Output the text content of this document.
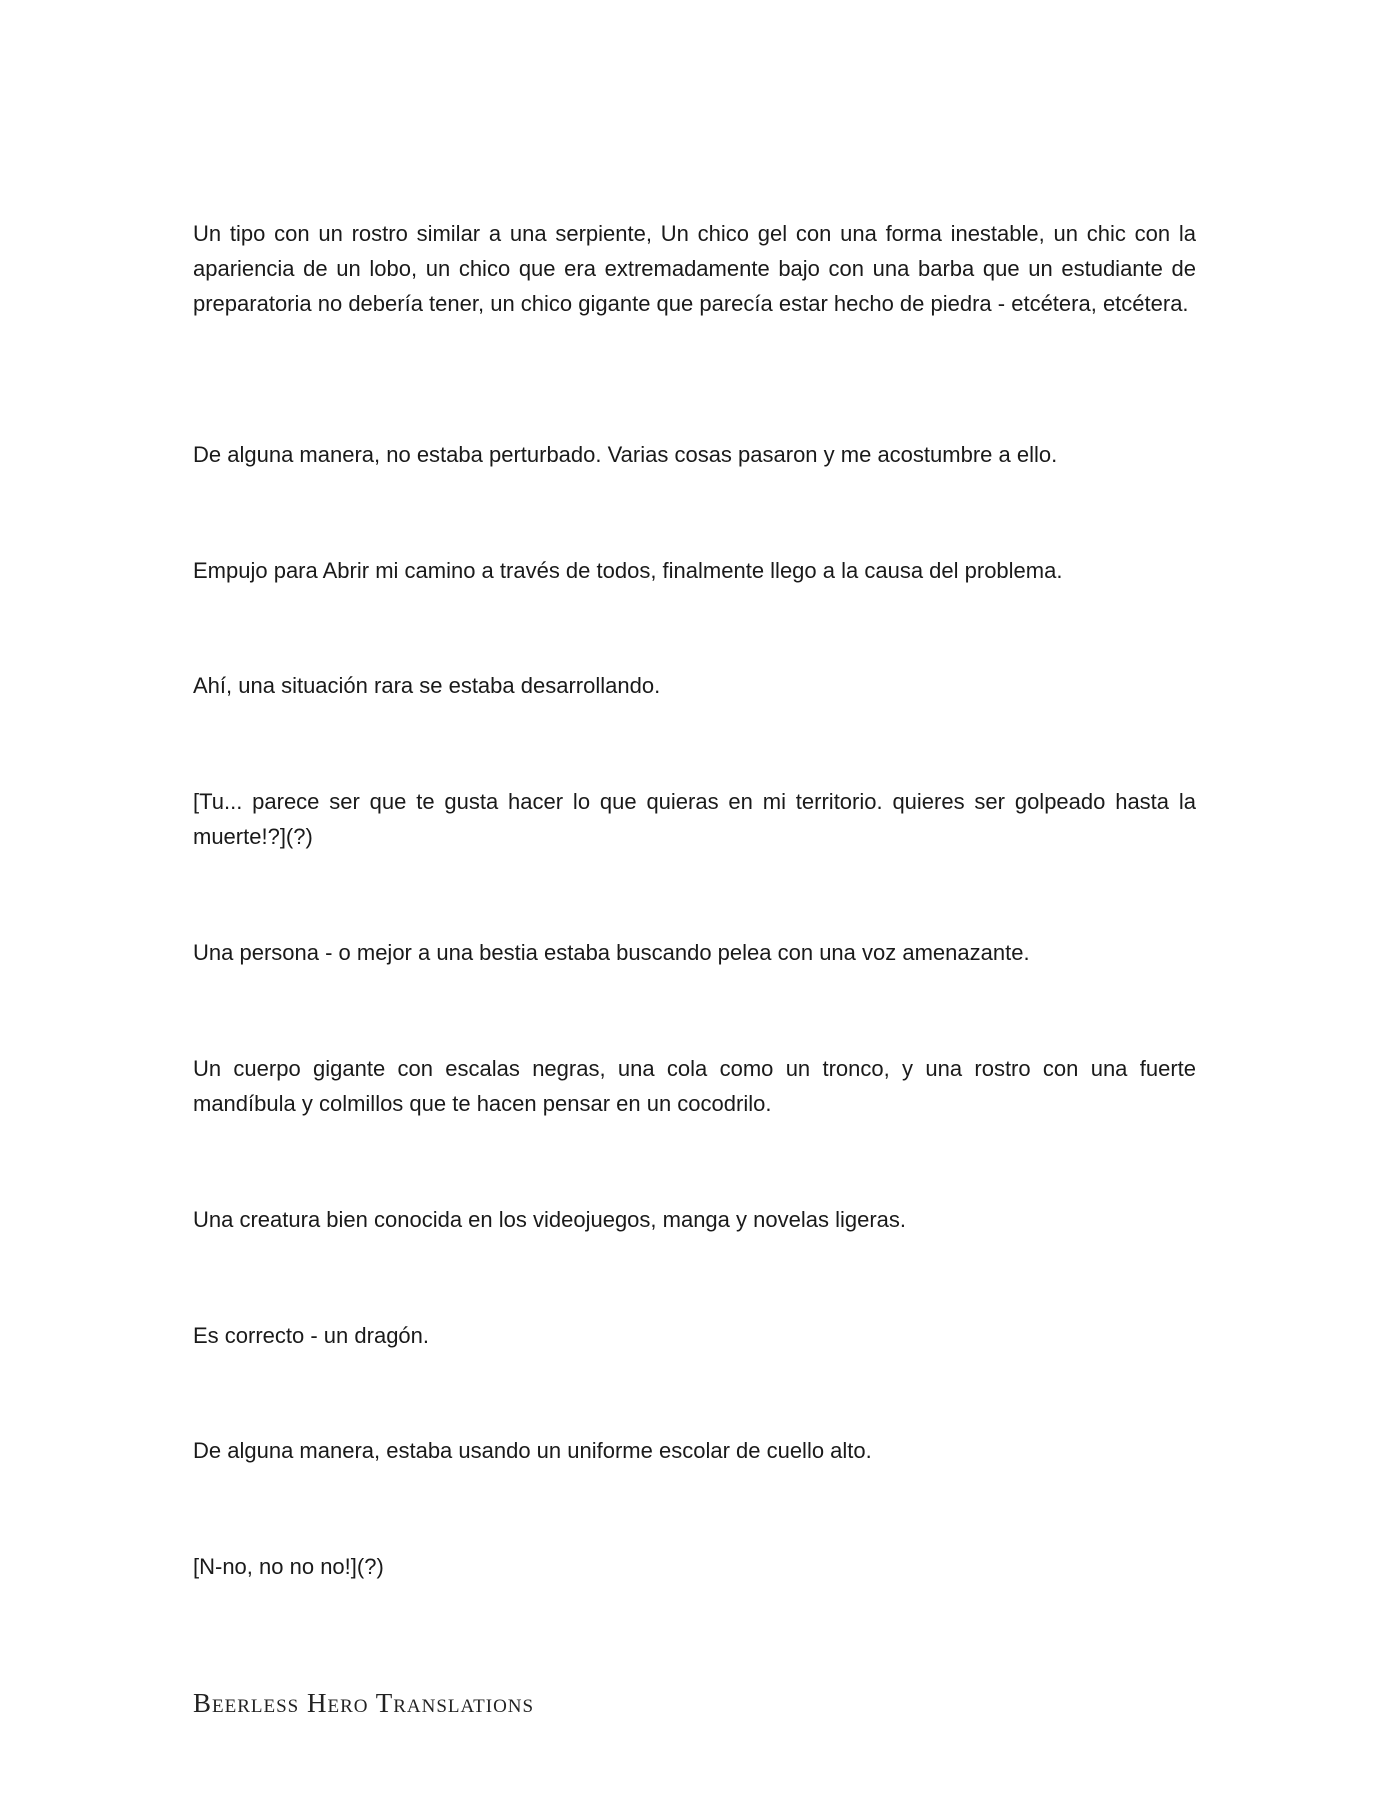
Un tipo con un rostro similar a una serpiente, Un chico gel con una forma inestable, un chic con la apariencia de un lobo, un chico que era extremadamente bajo con una barba que un estudiante de preparatoria no debería tener, un chico gigante que parecía estar hecho de piedra - etcétera, etcétera.

De alguna manera, no estaba perturbado. Varias cosas pasaron y me acostumbre a ello.

Empujo para Abrir mi camino a través de todos, finalmente llego a la causa del problema.

Ahí, una situación rara se estaba desarrollando.

[Tu... parece ser que te gusta hacer lo que quieras en mi territorio. quieres ser golpeado hasta la muerte!?](?)

Una persona - o mejor a una bestia estaba buscando pelea con una voz amenazante.

Un cuerpo gigante con escalas negras, una cola como un tronco, y una rostro con una fuerte mandíbula y colmillos que te hacen pensar en un cocodrilo.

Una creatura bien conocida en los videojuegos, manga y novelas ligeras.

Es correcto - un dragón.

De alguna manera, estaba usando un uniforme escolar de cuello alto.

[N-no, no no no!](?)

Beerless Hero Translations
